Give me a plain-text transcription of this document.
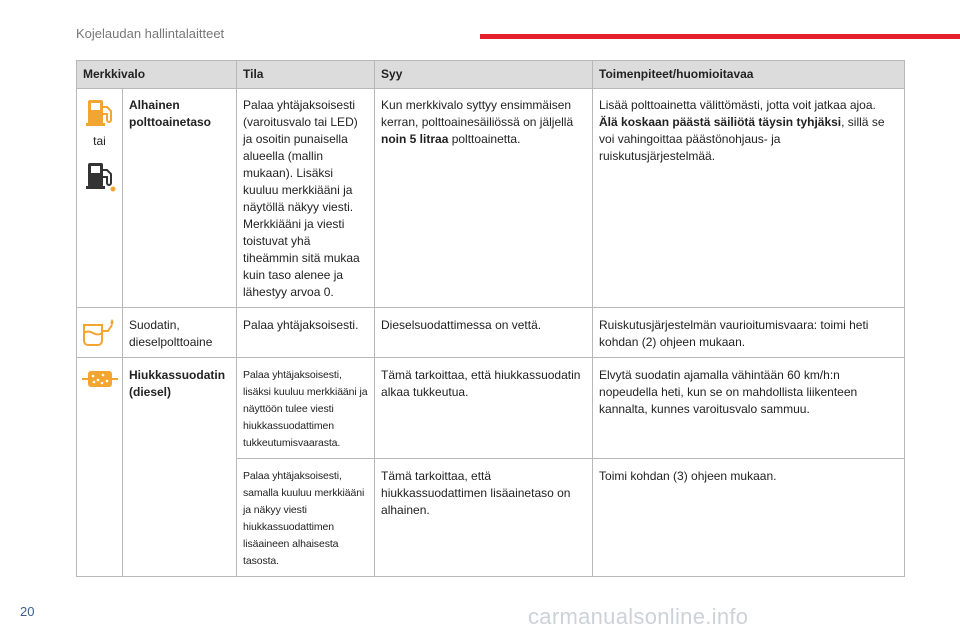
Kojelaudan hallintalaitteet
Merkkivalo		Tila	Syy	Toimenpiteet/huomioitavaa

tai	Alhainen polttoainetaso	Palaa yhtäjaksoisesti (varoitusvalo tai LED) ja osoitin punaisella alueella (mallin mukaan). Lisäksi kuuluu merkkiääni ja näytöllä näkyy viesti. Merkkiääni ja viesti toistuvat yhä tiheämmin sitä mukaa kuin taso alenee ja lähestyy arvoa 0.	Kun merkkivalo syttyy ensimmäisen kerran, polttoainesäiliössä on jäljellä noin 5 litraa polttoainetta.	Lisää polttoainetta välittömästi, jotta voit jatkaa ajoa.
Älä koskaan päästä säiliötä täysin tyhjäksi, sillä se voi vahingoittaa päästönohjaus- ja ruiskutusjärjestelmää.

	Suodatin, dieselpolttoaine	Palaa yhtäjaksoisesti.	Dieselsuodattimessa on vettä.	Ruiskutusjärjestelmän vaurioitumisvaara: toimi heti kohdan (2) ohjeen mukaan.

	Hiukkassuodatin (diesel)	Palaa yhtäjaksoisesti, lisäksi kuuluu merkkiääni ja näyttöön tulee viesti hiukkassuodattimen tukkeutumisvaarasta.	Tämä tarkoittaa, että hiukkassuodatin alkaa tukkeutua.	Elvytä suodatin ajamalla vähintään 60 km/h:n nopeudella heti, kun se on mahdollista liikenteen kannalta, kunnes varoitusvalo sammuu.
		Palaa yhtäjaksoisesti, samalla kuuluu merkkiääni ja näkyy viesti hiukkassuodattimen lisäaineen alhaisesta tasosta.	Tämä tarkoittaa, että hiukkassuodattimen lisäainetaso on alhainen.	Toimi kohdan (3) ohjeen mukaan.
20	carmanualsonline.info
